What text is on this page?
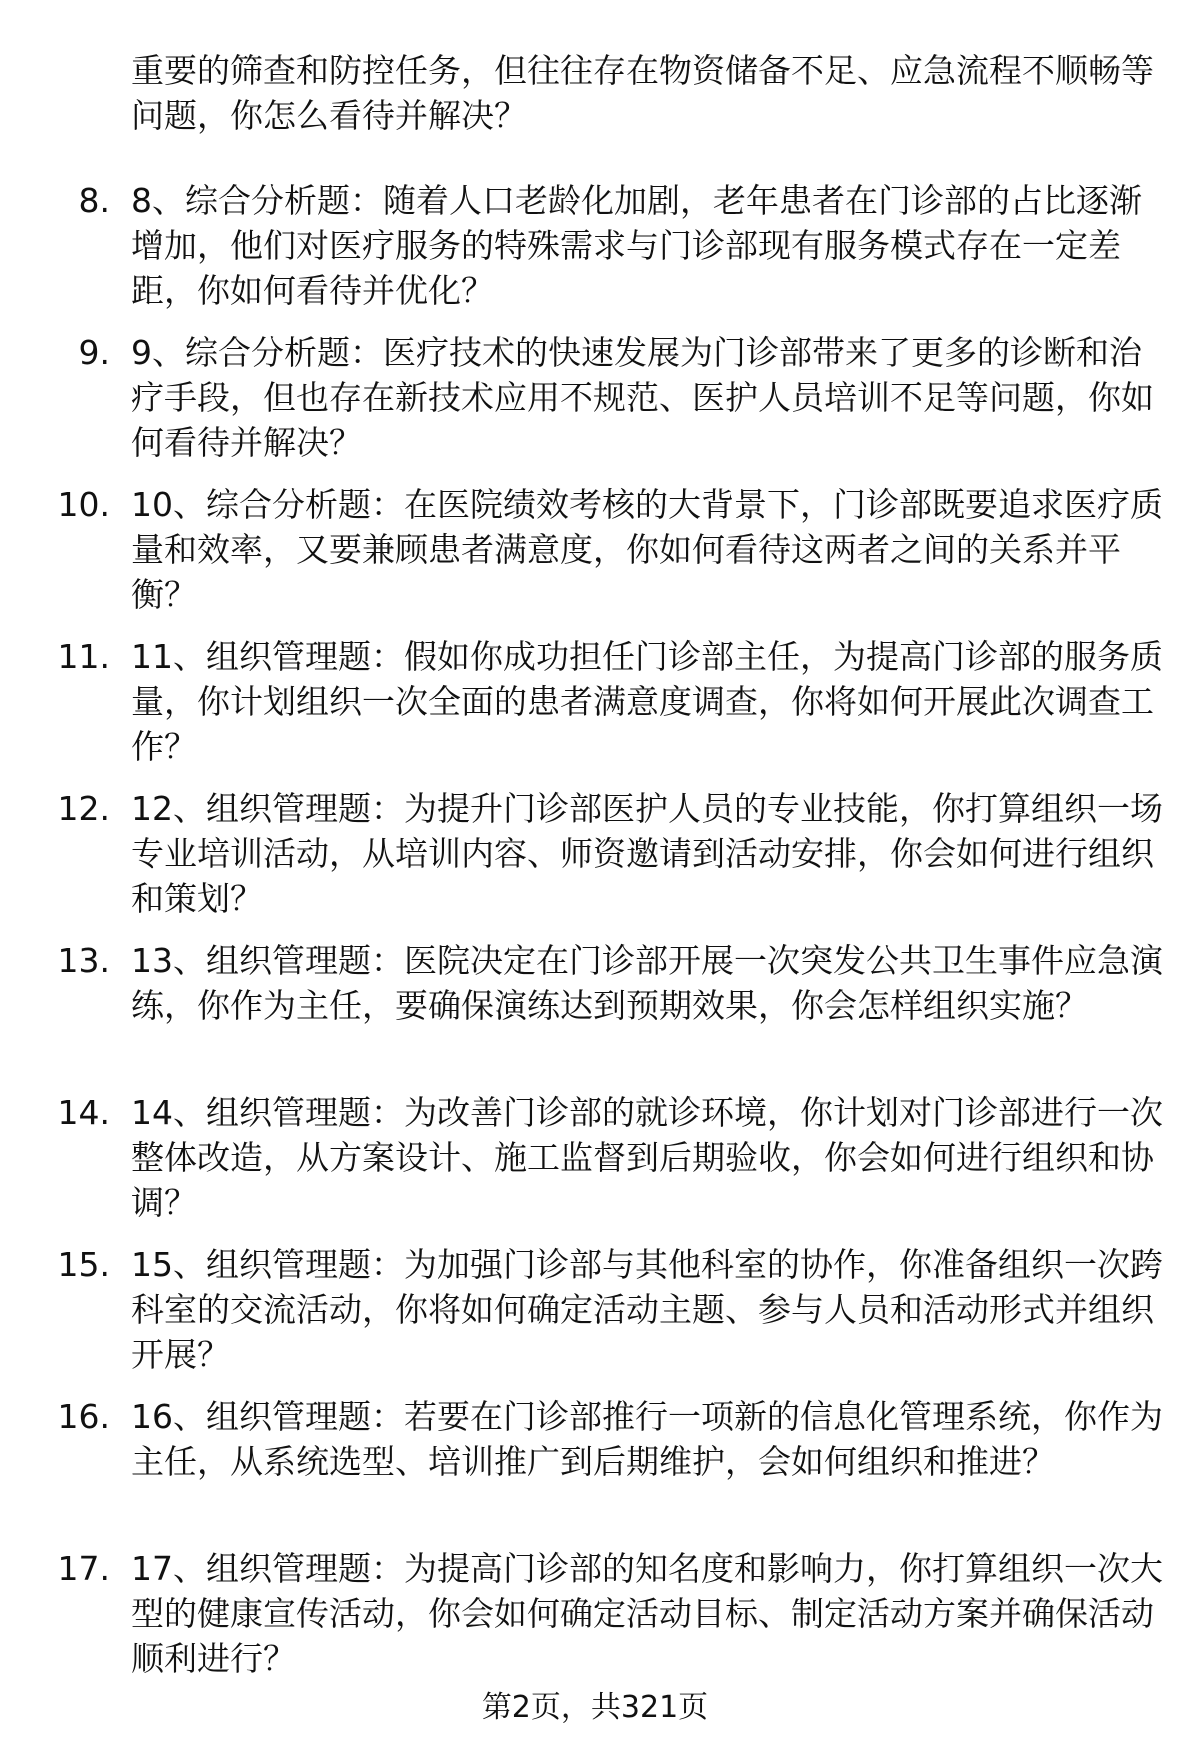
重要的筛查和防控任务，但往往存在物资储备不足、应急流程不顺畅等问题，你怎么看待并解决？

8. 8、综合分析题：随着人口老龄化加剧，老年患者在门诊部的占比逐渐增加，他们对医疗服务的特殊需求与门诊部现有服务模式存在一定差距，你如何看待并优化？

9. 9、综合分析题：医疗技术的快速发展为门诊部带来了更多的诊断和治疗手段，但也存在新技术应用不规范、医护人员培训不足等问题，你如何看待并解决？

10. 10、综合分析题：在医院绩效考核的大背景下，门诊部既要追求医疗质量和效率，又要兼顾患者满意度，你如何看待这两者之间的关系并平衡？

11. 11、组织管理题：假如你成功担任门诊部主任，为提高门诊部的服务质量，你计划组织一次全面的患者满意度调查，你将如何开展此次调查工作？

12. 12、组织管理题：为提升门诊部医护人员的专业技能，你打算组织一场专业培训活动，从培训内容、师资邀请到活动安排，你会如何进行组织和策划？

13. 13、组织管理题：医院决定在门诊部开展一次突发公共卫生事件应急演练，你作为主任，要确保演练达到预期效果，你会怎样组织实施？

14. 14、组织管理题：为改善门诊部的就诊环境，你计划对门诊部进行一次整体改造，从方案设计、施工监督到后期验收，你会如何进行组织和协调？

15. 15、组织管理题：为加强门诊部与其他科室的协作，你准备组织一次跨科室的交流活动，你将如何确定活动主题、参与人员和活动形式并组织开展？

16. 16、组织管理题：若要在门诊部推行一项新的信息化管理系统，你作为主任，从系统选型、培训推广到后期维护，会如何组织和推进？

17. 17、组织管理题：为提高门诊部的知名度和影响力，你打算组织一次大型的健康宣传活动，你会如何确定活动目标、制定活动方案并确保活动顺利进行？

第2页，共321页
